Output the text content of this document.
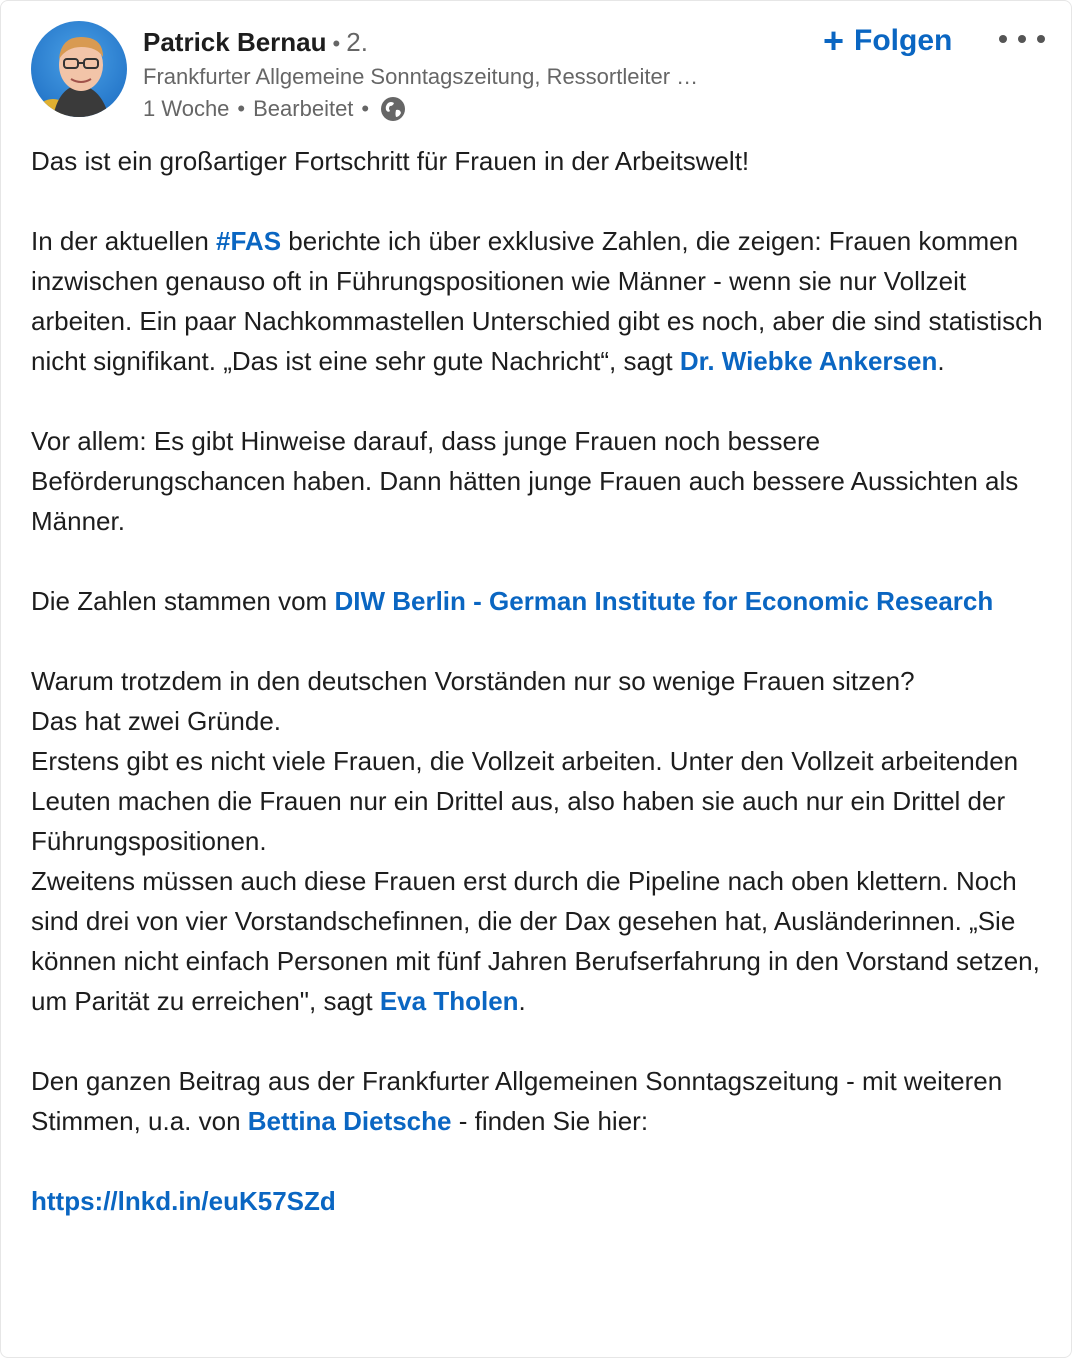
Patrick Bernau • 2.
Frankfurter Allgemeine Sonntagszeitung, Ressortleiter …
1 Woche • Bearbeitet •
+ Folgen

Das ist ein großartiger Fortschritt für Frauen in der Arbeitswelt!

In der aktuellen #FAS berichte ich über exklusive Zahlen, die zeigen: Frauen kommen inzwischen genauso oft in Führungspositionen wie Männer - wenn sie nur Vollzeit arbeiten. Ein paar Nachkommastellen Unterschied gibt es noch, aber die sind statistisch nicht signifikant. „Das ist eine sehr gute Nachricht“, sagt Dr. Wiebke Ankersen.

Vor allem: Es gibt Hinweise darauf, dass junge Frauen noch bessere Beförderungschancen haben. Dann hätten junge Frauen auch bessere Aussichten als Männer.

Die Zahlen stammen vom DIW Berlin - German Institute for Economic Research

Warum trotzdem in den deutschen Vorständen nur so wenige Frauen sitzen?

Das hat zwei Gründe.

Erstens gibt es nicht viele Frauen, die Vollzeit arbeiten. Unter den Vollzeit arbeitenden Leuten machen die Frauen nur ein Drittel aus, also haben sie auch nur ein Drittel der Führungspositionen.

Zweitens müssen auch diese Frauen erst durch die Pipeline nach oben klettern. Noch sind drei von vier Vorstandschefinnen, die der Dax gesehen hat, Ausländerinnen. „Sie können nicht einfach Personen mit fünf Jahren Berufserfahrung in den Vorstand setzen, um Parität zu erreichen", sagt Eva Tholen.

Den ganzen Beitrag aus der Frankfurter Allgemeinen Sonntagszeitung - mit weiteren Stimmen, u.a. von Bettina Dietsche - finden Sie hier:

https://lnkd.in/euK57SZd
